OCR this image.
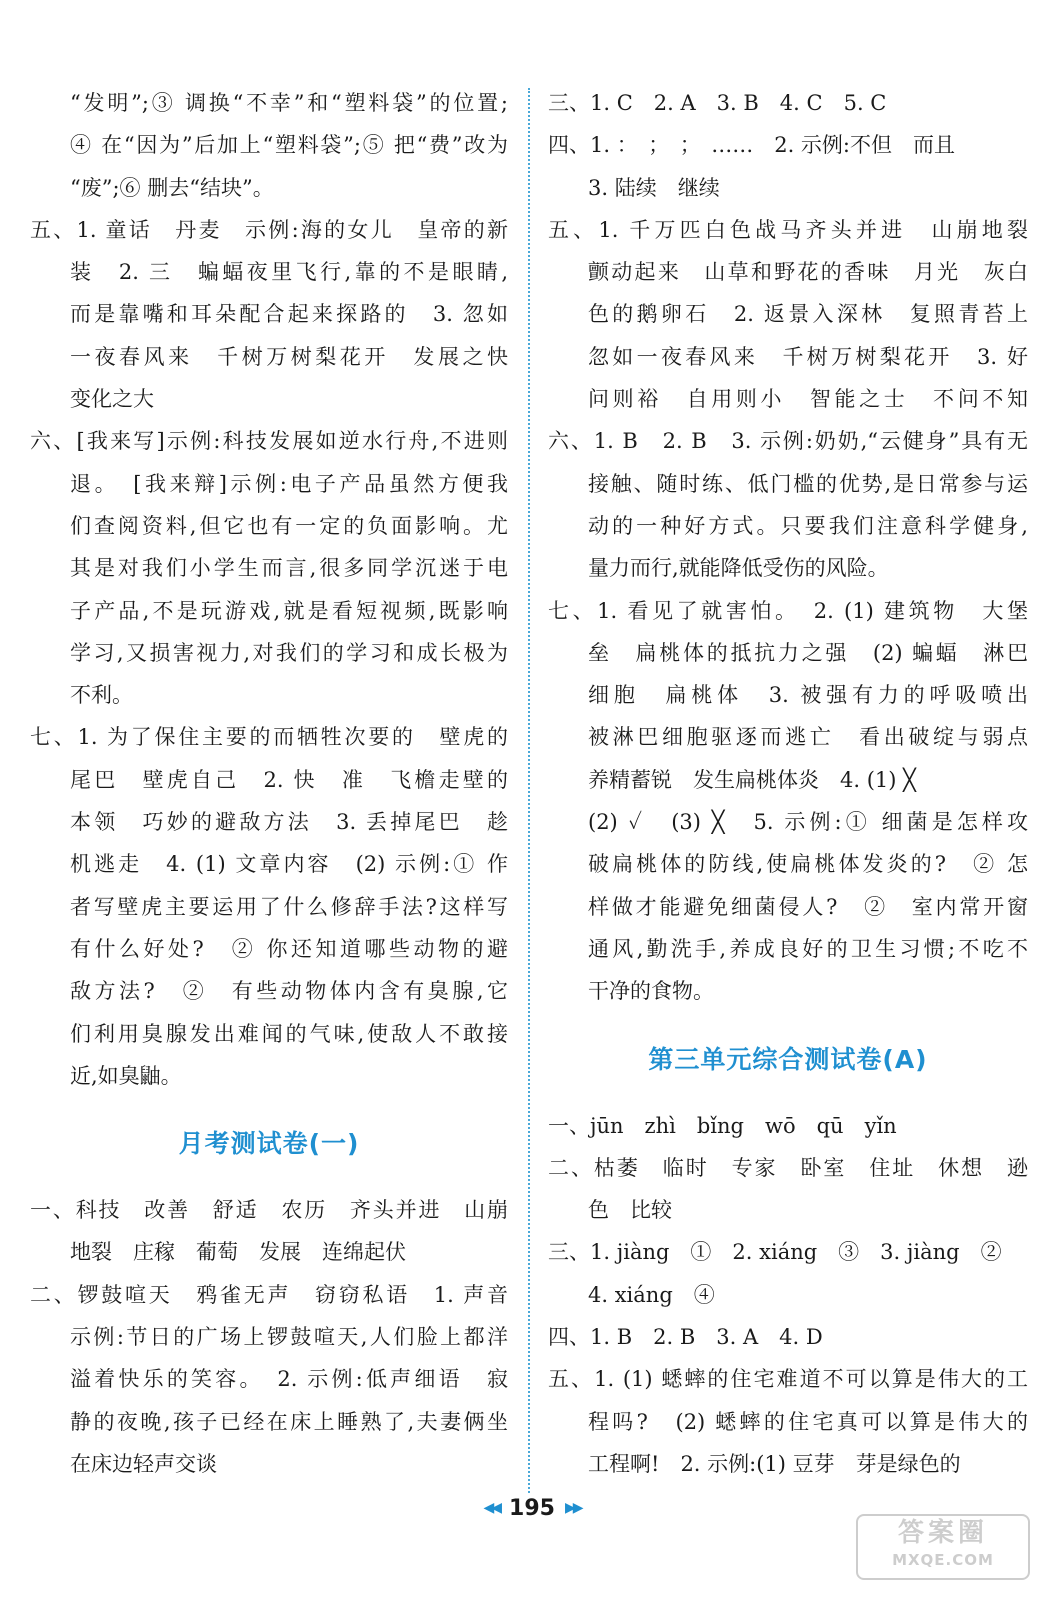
“发明”;③ 调换“不幸”和“塑料袋”的位置;
④ 在“因为”后加上“塑料袋”;⑤ 把“费”改为
“废”;⑥ 删去“结块”。
五、1. 童话　丹麦　示例:海的女儿　皇帝的新
装　2. 三　蝙蝠夜里飞行,靠的不是眼睛,
而是靠嘴和耳朵配合起来探路的　3. 忽如
一夜春风来　千树万树梨花开　发展之快
变化之大
六、[我来写]示例:科技发展如逆水行舟,不进则
退。　[我来辩]示例:电子产品虽然方便我
们查阅资料,但它也有一定的负面影响。尤
其是对我们小学生而言,很多同学沉迷于电
子产品,不是玩游戏,就是看短视频,既影响
学习,又损害视力,对我们的学习和成长极为
不利。
七、1. 为了保住主要的而牺牲次要的　壁虎的
尾巴　壁虎自己　2. 快　准　飞檐走壁的
本领　巧妙的避敌方法　3. 丢掉尾巴　趁
机逃走　4. (1) 文章内容　(2) 示例:① 作
者写壁虎主要运用了什么修辞手法?这样写
有什么好处?　② 你还知道哪些动物的避
敌方法?　②　有些动物体内含有臭腺,它
们利用臭腺发出难闻的气味,使敌人不敢接
近,如臭鼬。
月考测试卷(一)
一、科技　改善　舒适　农历　齐头并进　山崩
地裂　庄稼　葡萄　发展　连绵起伏
二、锣鼓喧天　鸦雀无声　窃窃私语　1. 声音
示例:节日的广场上锣鼓喧天,人们脸上都洋
溢着快乐的笑容。　2. 示例:低声细语　寂
静的夜晚,孩子已经在床上睡熟了,夫妻俩坐
在床边轻声交谈
三、1. C　2. A　3. B　4. C　5. C
四、1. ：　；　；　……　2. 示例:不但　而且
3. 陆续　继续
五、1. 千万匹白色战马齐头并进　山崩地裂
颤动起来　山草和野花的香味　月光　灰白
色的鹅卵石　2. 返景入深林　复照青苔上
忽如一夜春风来　千树万树梨花开　3. 好
问则裕　自用则小　智能之士　不问不知
六、1. B　2. B　3. 示例:奶奶,“云健身”具有无
接触、随时练、低门槛的优势,是日常参与运
动的一种好方式。只要我们注意科学健身,
量力而行,就能降低受伤的风险。
七、1. 看见了就害怕。　2. (1) 建筑物　大堡
垒　扁桃体的抵抗力之强　(2) 蝙蝠　淋巴
细胞　扁桃体　3. 被强有力的呼吸喷出
被淋巴细胞驱逐而逃亡　看出破绽与弱点
养精蓄锐　发生扁桃体炎　4. (1) ╳
(2) ✓　(3) ╳　5. 示例:① 细菌是怎样攻
破扁桃体的防线,使扁桃体发炎的?　② 怎
样做才能避免细菌侵人?　②　室内常开窗
通风,勤洗手,养成良好的卫生习惯;不吃不
干净的食物。
第三单元综合测试卷(A)
一、jūn　zhì　bǐng　wō　qū　yǐn
二、枯萎　临时　专家　卧室　住址　休想　逊
色　比较
三、1. jiàng　①　2. xiáng　③　3. jiàng　②
4. xiáng　④
四、1. B　2. B　3. A　4. D
五、1. (1) 蟋蟀的住宅难道不可以算是伟大的工
程吗?　(2) 蟋蟀的住宅真可以算是伟大的
工程啊!　2. 示例:(1) 豆芽　芽是绿色的
◀◀ 195 ▶▶
答案圈
MXQE.COM
